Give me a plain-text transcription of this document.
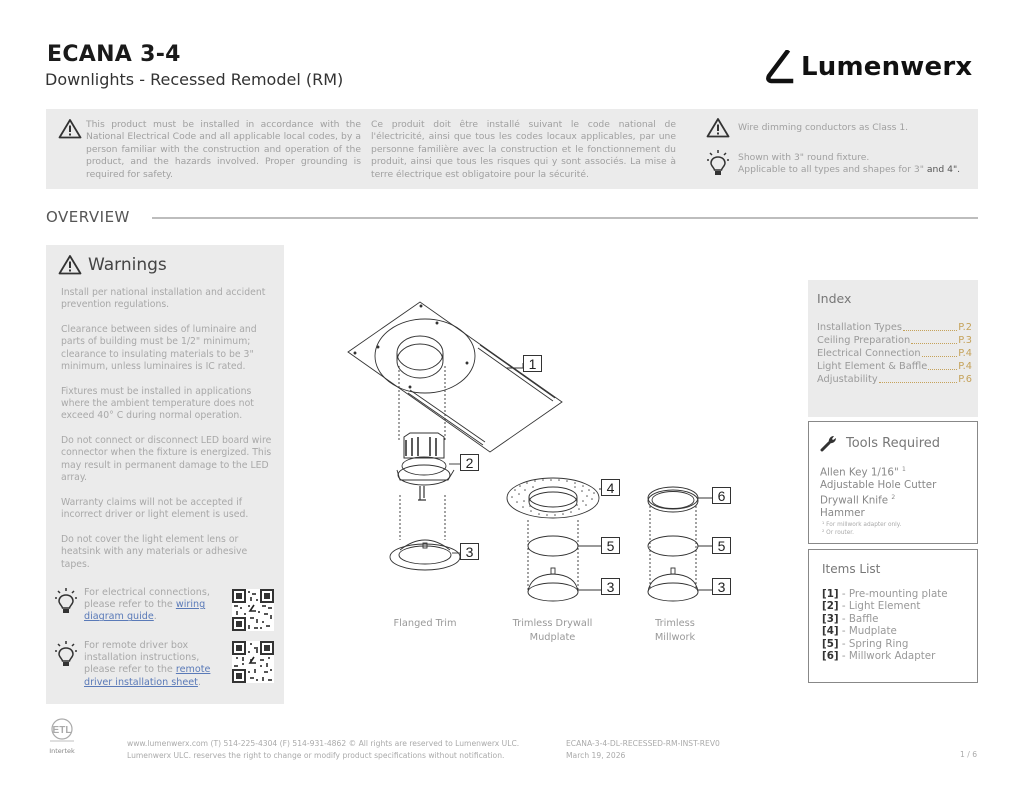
ECANA 3-4
Downlights - Recessed Remodel (RM)	Lumenwerx
This product must be installed in accordance with the National Electrical Code and all applicable local codes, by a person familiar with the construction and operation of the product, and the hazards involved. Proper grounding is required for safety.
Ce produit doit être installé suivant le code national de l'électricité, ainsi que tous les codes locaux applicables, par une personne familière avec la construction et le fonctionnement du produit, ainsi que tous les risques qui y sont associés. La mise à terre électrique est obligatoire pour la sécurité.
Wire dimming conductors as Class 1.
Shown with 3" round fixture.
Applicable to all types and shapes for 3" and 4".
OVERVIEW
Warnings
Install per national installation and accident prevention regulations.
Clearance between sides of luminaire and parts of building must be 1/2" minimum; clearance to insulating materials to be 3" minimum, unless luminaires is IC rated.
Fixtures must be installed in applications where the ambient temperature does not exceed 40° C during normal operation.
Do not connect or disconnect LED board wire connector when the fixture is energized. This may result in permanent damage to the LED array.
Warranty claims will not be accepted if incorrect driver or light element is used.
Do not cover the light element lens or heatsink with any materials or adhesive tapes.
For electrical connections, please refer to the wiring diagram guide.
For remote driver box installation instructions, please refer to the remote driver installation sheet.
1
2
3
4
5
3
6
5
3
Flanged Trim	Trimless Drywall
Mudplate
Trimless
Millwork
Index
Installation Types	P.2
Ceiling Preparation	P.3
Electrical Connection	P.4
Light Element & Baffle	P.4
Adjustability	P.6
Tools Required
Allen Key 1/16" $^1$
Adjustable Hole Cutter
Drywall Knife $^2$
Hammer
¹ For millwork adapter only.
² Or router.
Items List
[1] - Pre-mounting plate
[2] - Light Element
[3] - Baffle
[4] - Mudplate
[5] - Spring Ring
[6] - Millwork Adapter
ETL
Intertek
www.lumenwerx.com (T) 514-225-4304 (F) 514-931-4862 © All rights are reserved to Lumenwerx ULC.
Lumenwerx ULC. reserves the right to change or modify product specifications without notification.
ECANA-3-4-DL-RECESSED-RM-INST-REV0
March 19, 2026	1 / 6
